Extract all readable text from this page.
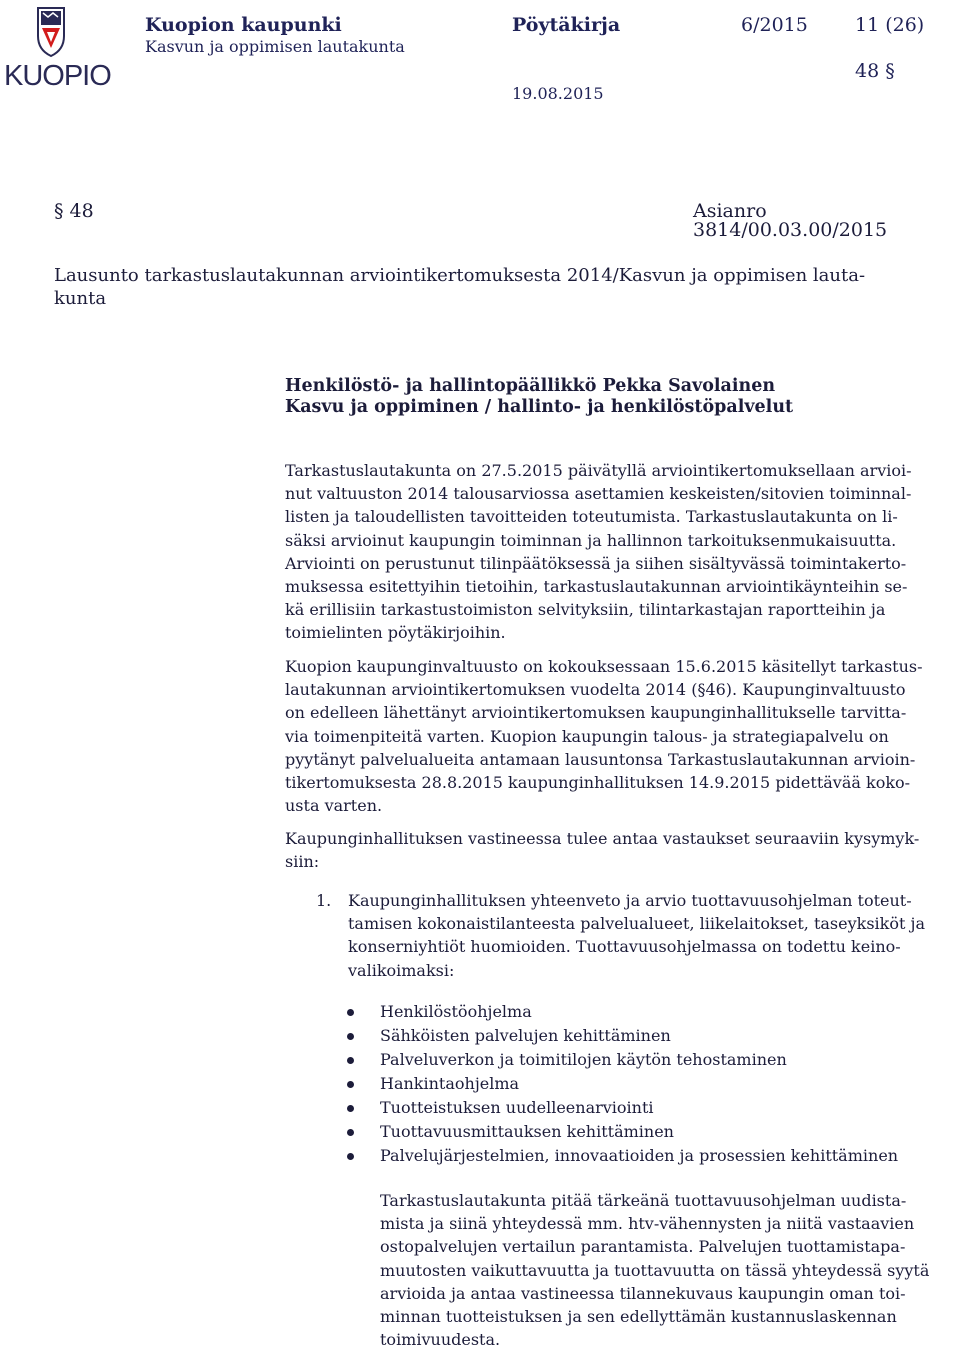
KUOPIO
Kuopion kaupunki
Kasvun ja oppimisen lautakunta
Pöytäkirja	6/2015 11 (26)
19.08.2015
48 §
§ 48	Asianro 3814/00.03.00/2015
Lausunto tarkastuslautakunnan arviointikertomuksesta 2014/Kasvun ja oppimisen lauta-
kunta
Henkilöstö- ja hallintopäällikkö Pekka Savolainen
Kasvu ja oppiminen / hallinto- ja henkilöstöpalvelut
Tarkastuslautakunta on 27.5.2015 päivätyllä arviointikertomuksellaan arvioi-
nut valtuuston 2014 talousarviossa asettamien keskeisten/sitovien toiminnal-
listen ja taloudellisten tavoitteiden toteutumista. Tarkastuslautakunta on li-
säksi arvioinut kaupungin toiminnan ja hallinnon tarkoituksenmukaisuutta.
Arviointi on perustunut tilinpäätöksessä ja siihen sisältyvässä toimintakerto-
muksessa esitettyihin tietoihin, tarkastuslautakunnan arviointikäynteihin se-
kä erillisiin tarkastustoimiston selvityksiin, tilintarkastajan raportteihin ja
toimielinten pöytäkirjoihin.
Kuopion kaupunginvaltuusto on kokouksessaan 15.6.2015 käsitellyt tarkastus-
lautakunnan arviointikertomuksen vuodelta 2014 (§46). Kaupunginvaltuusto
on edelleen lähettänyt arviointikertomuksen kaupunginhallitukselle tarvitta-
via toimenpiteitä varten. Kuopion kaupungin talous- ja strategiapalvelu on
pyytänyt palvelualueita antamaan lausuntonsa Tarkastuslautakunnan arvioin-
tikertomuksesta 28.8.2015 kaupunginhallituksen 14.9.2015 pidettävää koko-
usta varten.
Kaupunginhallituksen vastineessa tulee antaa vastaukset seuraaviin kysymyk-
siin:
1. Kaupunginhallituksen yhteenveto ja arvio tuottavuusohjelman toteut-
tamisen kokonaistilanteesta palvelualueet, liikelaitokset, taseyksiköt ja
konserniyhtiöt huomioiden. Tuottavuusohjelmassa on todettu keino-
valikoimaksi:
Henkilöstöohjelma
Sähköisten palvelujen kehittäminen
Palveluverkon ja toimitilojen käytön tehostaminen
Hankintaohjelma
Tuotteistuksen uudelleenarviointi
Tuottavuusmittauksen kehittäminen
Palvelujärjestelmien, innovaatioiden ja prosessien kehittäminen
Tarkastuslautakunta pitää tärkeänä tuottavuusohjelman uudista-
mista ja siinä yhteydessä mm. htv-vähennysten ja niitä vastaavien
ostopalvelujen vertailun parantamista. Palvelujen tuottamistapa-
muutosten vaikuttavuutta ja tuottavuutta on tässä yhteydessä syytä
arvioida ja antaa vastineessa tilannekuvaus kaupungin oman toi-
minnan tuotteistuksen ja sen edellyttämän kustannuslaskennan
toimivuudesta.
